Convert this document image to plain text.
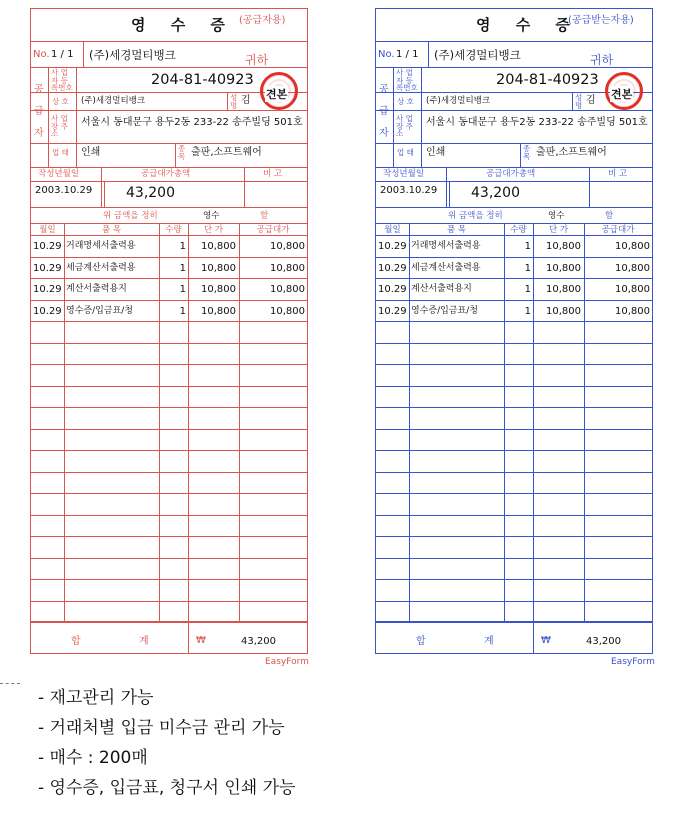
영 수 증 (공급자용)
No. 1 / 1 (주)세경멀티뱅크	귀하
공급자
사 업 자 등록번호	204-81-40923
상 호 (주)세경멀티뱅크	성 명 김
사 업 장 주 소
서울시 동대문구 용두2동 233-22 송주빌딩 501호
업 태 인쇄	종 목 출판,소프트웨어
견본
작성년월일	공급대가총액	비 고
2003.10.29 43,200
위 금액을 정히	영수	함
월일	품 목	수량	단 가	공급대가
10.29 거래명세서출력용	1	10,800	10,800
10.29 세금계산서출력용	1	10,800	10,800
10.29 계산서출력용지	1	10,800	10,800
10.29 영수증/입금표/청	1	10,800	10,800
합	계	₩	43,200
영 수 증
(공급받는자용)
No. 1 / 1 (주)세경멀티뱅크	귀하
공급자
사 업 자 등록번호	204-81-40923
상 호 (주)세경멀티뱅크	성 명 김
사 업 장 주 소
서울시 동대문구 용두2동 233-22 송주빌딩 501호
업 태 인쇄	종 목 출판,소프트웨어
견본
작성년월일	공급대가총액	비 고
2003.10.29 43,200
위 금액을 정히	영수	함
월일	품 목	수량	단 가	공급대가
10.29 거래명세서출력용	1	10,800	10,800
10.29 세금계산서출력용	1	10,800	10,800
10.29 계산서출력용지	1	10,800	10,800
10.29 영수증/입금표/청	1	10,800	10,800
합	계	₩	43,200
EasyForm	EasyForm
- 재고관리 가능
- 거래처별 입금 미수금 관리 가능
- 매수 : 200매
- 영수증, 입금표, 청구서 인쇄 가능
